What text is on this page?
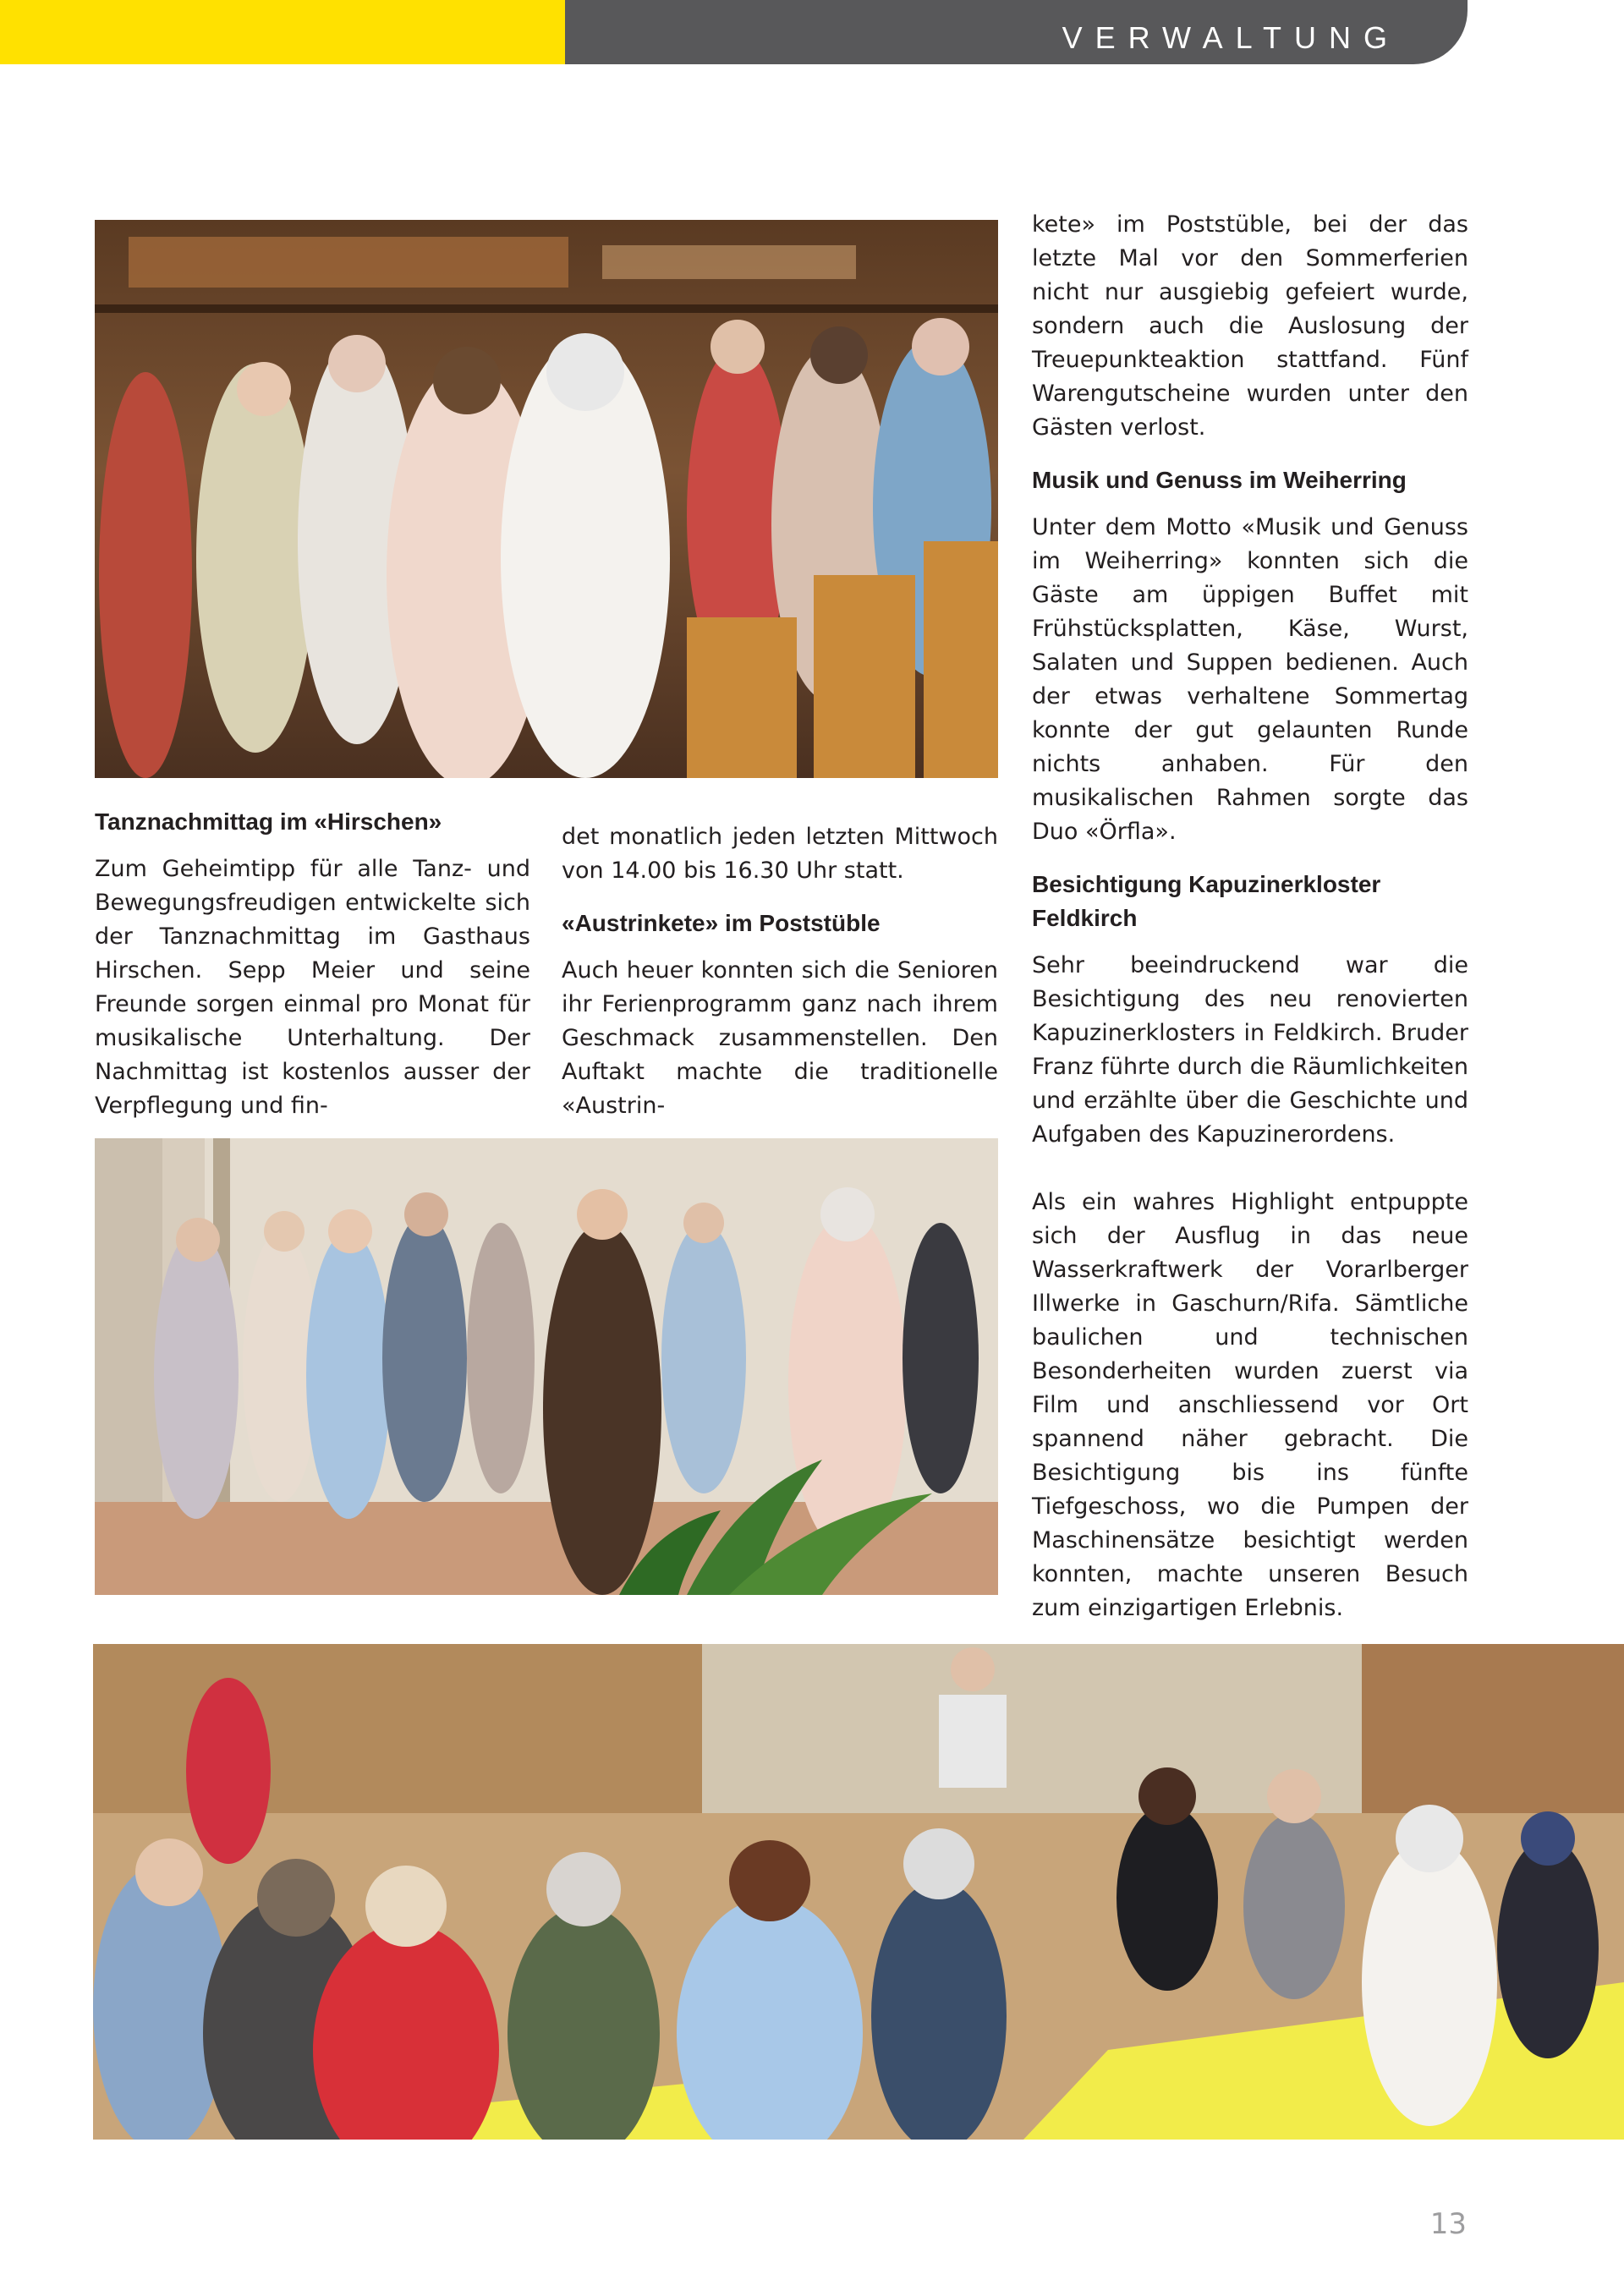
VERWALTUNG
Tanznachmittag im «Hirschen»

Zum Geheimtipp für alle Tanz- und Bewegungsfreudigen entwickelte sich der Tanznachmittag im Gasthaus Hirschen. Sepp Meier und seine Freunde sorgen einmal pro Monat für musikalische Unterhaltung. Der Nachmittag ist kostenlos ausser der Verpflegung und fin-

det monatlich jeden letzten Mittwoch von 14.00 bis 16.30 Uhr statt.

«Austrinkete» im Poststüble

Auch heuer konnten sich die Senioren ihr Ferienprogramm ganz nach ihrem Geschmack zusammenstellen. Den Auftakt machte die traditionelle «Austrin-

kete» im Poststüble, bei der das letzte Mal vor den Sommerferien nicht nur ausgiebig gefeiert wurde, sondern auch die Auslosung der Treuepunkteaktion stattfand. Fünf Warengutscheine wurden unter den Gästen verlost.

Musik und Genuss im Weiherring

Unter dem Motto «Musik und Genuss im Weiherring» konnten sich die Gäste am üppigen Buffet mit Frühstücksplatten, Käse, Wurst, Salaten und Suppen bedienen. Auch der etwas verhaltene Sommertag konnte der gut gelaunten Runde nichts anhaben. Für den musikalischen Rahmen sorgte das Duo «Örfla».

Besichtigung Kapuzinerkloster Feldkirch

Sehr beeindruckend war die Besichtigung des neu renovierten Kapuzinerklosters in Feldkirch. Bruder Franz führte durch die Räumlichkeiten und erzählte über die Geschichte und Aufgaben des Kapuzinerordens.

Als ein wahres Highlight entpuppte sich der Ausflug in das neue Wasserkraftwerk der Vorarlberger Illwerke in Gaschurn/Rifa. Sämtliche baulichen und technischen Besonderheiten wurden zuerst via Film und anschliessend vor Ort spannend näher gebracht. Die Besichtigung bis ins fünfte Tiefgeschoss, wo die Pumpen der Maschinensätze besichtigt werden konnten, machte unseren Besuch zum einzigartigen Erlebnis.

13
